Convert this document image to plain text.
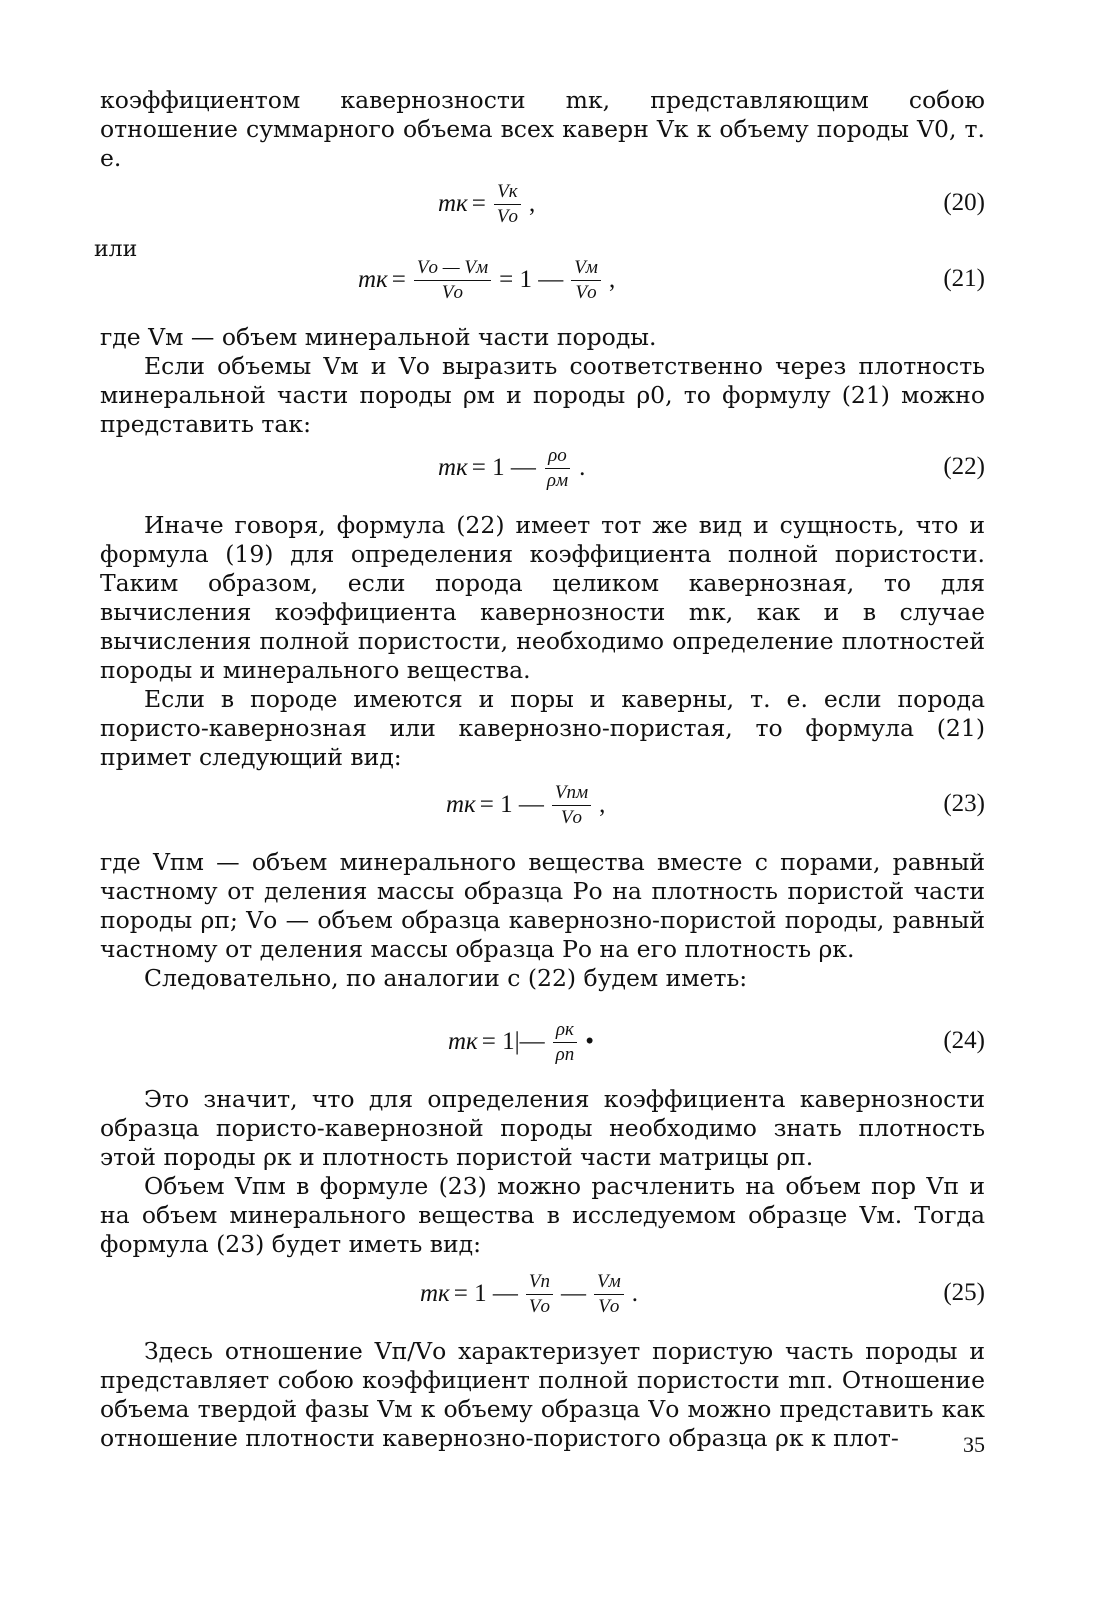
коэффициентом кавернозности mк, представляющим собою отношение суммарного объема всех каверн Vк к объему породы V0, т. е.

mк = $\frac{Vк}{Vо}$ ,	(20)

или

mк = $\frac{Vо — Vм}{Vо} = 1$ — $\frac{Vм}{Vо}$ ,	(21)

где Vм — объем минеральной части породы.

Если объемы Vм и Vо выразить соответственно через плотность минеральной части породы ρм и породы ρ0, то формулу (21) можно представить так:

mк = 1 — $\frac{\rho о}{\rho м}$ .	(22)

Иначе говоря, формула (22) имеет тот же вид и сущность, что и формула (19) для определения коэффициента полной пористости. Таким образом, если порода целиком кавернозная, то для вычисления коэффициента кавернозности mк, как и в случае вычисления полной пористости, необходимо определение плотностей породы и минерального вещества.

Если в породе имеются и поры и каверны, т. е. если порода пористо-кавернозная или кавернозно-пористая, то формула (21) примет следующий вид:

mк = 1 — $\frac{\text{Vпм}}{Vо}$ ,	(23)

где Vпм — объем минерального вещества вместе с порами, равный частному от деления массы образца Pо на плотность пористой части породы ρп; Vо — объем образца кавернозно-пористой породы, равный частному от деления массы образца Pо на его плотность ρк.

Следовательно, по аналогии с (22) будем иметь:

mк = 1|— $\frac{\rho к}{\rho п}$ •	(24)

Это значит, что для определения коэффициента кавернозности образца пористо-кавернозной породы необходимо знать плотность этой породы ρк и плотность пористой части матрицы ρп.

Объем Vпм в формуле (23) можно расчленить на объем пор Vп и на объем минерального вещества в исследуемом образце Vм. Тогда формула (23) будет иметь вид:

mк = 1 — $\frac{Vп}{Vо}$ — $\frac{Vм}{Vо}$ .	(25)

Здесь отношение Vп/Vо характеризует пористую часть породы и представляет собою коэффициент полной пористости mп. Отношение объема твердой фазы Vм к объему образца Vо можно представить как отношение плотности кавернозно-пористого образца ρк к плот-	35
